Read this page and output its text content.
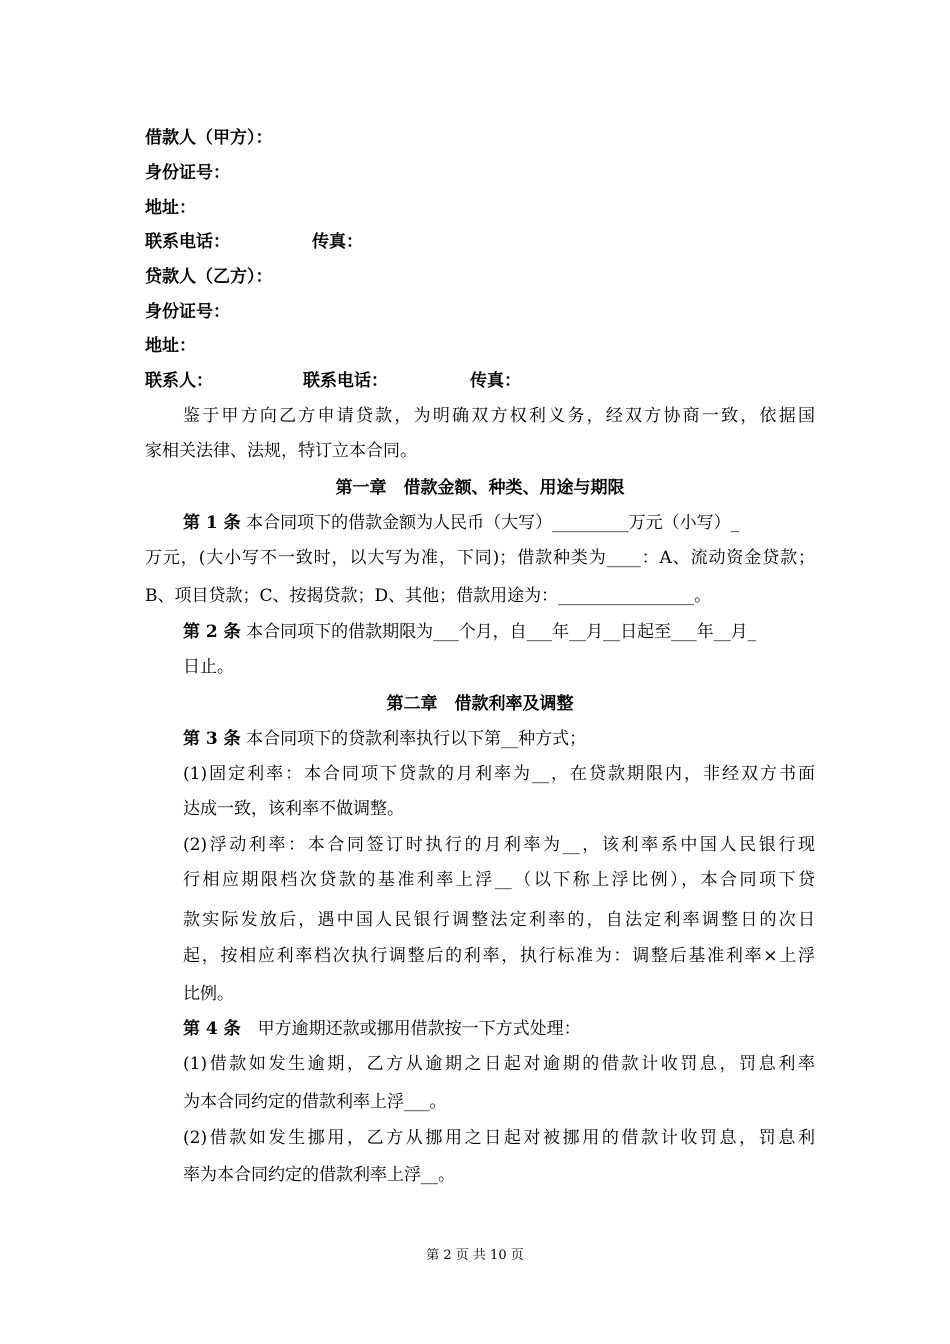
借款人（甲方）：
身份证号：
地址：
联系电话：	传真：
贷款人（乙方）：
身份证号：
地址：
联系人：	联系电话：	传真：
鉴于甲方向乙方申请贷款，为明确双方权利义务，经双方协商一致，依据国
家相关法律、法规，特订立本合同。
第一章　借款金额、种类、用途与期限
第 1 条 本合同项下的借款金额为人民币（大写）_________万元（小写）_
万元，(大小写不一致时，以大写为准，下同)；借款种类为____：A、流动资金贷款；
B、项目贷款；C、按揭贷款；D、其他；借款用途为：________________。
第 2 条 本合同项下的借款期限为___个月，自___年__月__日起至___年__月_
日止。
第二章　借款利率及调整
第 3 条 本合同项下的贷款利率执行以下第__种方式；
(1)固定利率：本合同项下贷款的月利率为__，在贷款期限内，非经双方书面
达成一致，该利率不做调整。
(2)浮动利率：本合同签订时执行的月利率为__，该利率系中国人民银行现
行相应期限档次贷款的基准利率上浮__（以下称上浮比例），本合同项下贷
款实际发放后，遇中国人民银行调整法定利率的，自法定利率调整日的次日
起，按相应利率档次执行调整后的利率，执行标准为：调整后基准利率×上浮
比例。
第 4 条　甲方逾期还款或挪用借款按一下方式处理：
(1)借款如发生逾期，乙方从逾期之日起对逾期的借款计收罚息，罚息利率
为本合同约定的借款利率上浮___。
(2)借款如发生挪用，乙方从挪用之日起对被挪用的借款计收罚息，罚息利
率为本合同约定的借款利率上浮__。
第 2 页 共 10 页
